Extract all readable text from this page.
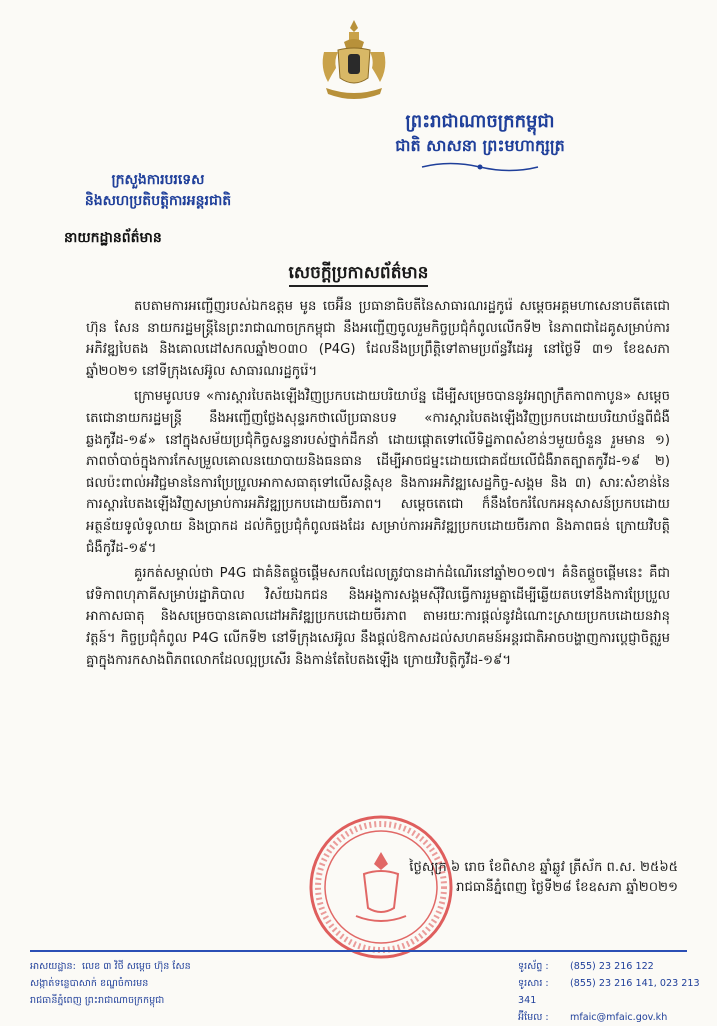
ព្រះរាជាណាចក្រកម្ពុជា
ជាតិ សាសនា ព្រះមហាក្សត្រ
ក្រសួងការបរទេស
និងសហប្រតិបត្តិការអន្តរជាតិ
នាយកដ្ឋានព័ត៌មាន
សេចក្ដីប្រកាសព័ត៌មាន

តបតាមការអញ្ជើញរបស់ឯកឧត្តម មូន ចេអ៊ីន ប្រធានាធិបតីនៃសាធារណរដ្ឋកូរ៉េ សម្តេចអគ្គមហាសេនាបតីតេជោ ហ៊ុន សែន នាយករដ្ឋមន្ត្រីនៃព្រះរាជាណាចក្រកម្ពុជា នឹងអញ្ជើញចូលរួមកិច្ចប្រជុំកំពូលលើកទី២ នៃភាពជាដៃគូសម្រាប់ការអភិវឌ្ឍបៃតង និងគោលដៅសកលឆ្នាំ២០៣០ (P4G) ដែលនឹងប្រព្រឹត្តិទៅតាមប្រព័ន្ធវីដេអូ នៅថ្ងៃទី ៣១ ខែឧសភា ឆ្នាំ២០២១ នៅទីក្រុងសេអ៊ូល សាធារណរដ្ឋកូរ៉េ។

ក្រោមមូលបទ «ការស្តារបៃតងឡើងវិញប្រកបដោយបរិយាប័ន្ន ដើម្បីសម្រេចបាននូវអព្យាក្រឹតកាពកាបូន» សម្តេចតេជោនាយករដ្ឋមន្ត្រី នឹងអញ្ជើញថ្លែងសុន្ទរកថាលើប្រធានបទ «ការស្តារបៃតងឡើងវិញប្រកបដោយបរិយាប័ន្នពីជំងឺឆ្លងកូវីដ-១៩» នៅក្នុងសម័យប្រជុំកិច្ចសន្ទនារបស់ថ្នាក់ដឹកនាំ ដោយផ្តោតទៅលើទិដ្ឋភាពសំខាន់ៗមួយចំនួន រួមមាន ១) ភាពចាំបាច់ក្នុងការកែសម្រួលគោលនយោបាយនិងធនធាន ដើម្បីអាចជម្នះដោយជោគជ័យលើជំងឺរាតត្បាតកូវីដ-១៩ ២) ផលប៉ះពាល់អវិជ្ជមាននៃការប្រែប្រួលអាកាសធាតុទៅលើសន្តិសុខ និងការអភិវឌ្ឍសេដ្ឋកិច្ច-សង្គម និង ៣) សារៈសំខាន់នៃការស្តារបៃតងឡើងវិញសម្រាប់ការអភិវឌ្ឍប្រកបដោយចីរភាព។ សម្តេចតេជោ ក៏នឹងចែករំលែកអនុសាសន៍ប្រកបដោយអត្ថន័យទូលំទូលាយ និងប្រាកដ ដល់កិច្ចប្រជុំកំពូលផងដែរ សម្រាប់ការអភិវឌ្ឍប្រកបដោយចីរភាព និងភាពធន់ ក្រោយវិបត្តិជំងឺកូវីដ-១៩។

គួរកត់សម្គាល់ថា P4G ជាគំនិតផ្តួចផ្តើមសកលដែលត្រូវបានដាក់ដំណើរនៅឆ្នាំ២០១៧។ គំនិតផ្តួចផ្តើមនេះ គឺជាវេទិកាពហុភាគីសម្រាប់រដ្ឋាភិបាល វិស័យឯកជន និងអង្គការសង្គមស៊ីវិលធ្វើការរួមគ្នាដើម្បីឆ្លើយតបទៅនឹងការប្រែប្រួលអាកាសធាតុ និងសម្រេចបានគោលដៅអភិវឌ្ឍប្រកបដោយចីរភាព តាមរយៈការផ្តល់នូវដំណោះស្រាយប្រកបដោយនវានុវត្តន៍។ កិច្ចប្រជុំកំពូល P4G លើកទី២ នៅទីក្រុងសេអ៊ូល នឹងផ្តល់ឱកាសដល់សហគមន៍អន្តរជាតិអាចបង្ហាញការប្តេជ្ញាចិត្តរួមគ្នាក្នុងការកសាងពិភពលោកដែលល្អប្រសើរ និងកាន់តែបៃតងឡើង ក្រោយវិបត្តិកូវីដ-១៩។

ថ្ងៃសុក្រ ៦ រោច ខែពិសាខ ឆ្នាំឆ្លូវ ត្រីស័ក ព.ស. ២៥៦៥
រាជធានីភ្នំពេញ ថ្ងៃទី២៨ ខែឧសភា ឆ្នាំ២០២១
អាសយដ្ឋាន: លេខ ៣ វិថី សម្តេច ហ៊ុន សែន
សង្កាត់ទន្លេបាសាក់ ខណ្ឌចំការមន
រាជធានីភ្នំពេញ ព្រះរាជាណាចក្រកម្ពុជា
ទូរស័ព្ទ : (855) 23 216 122
ទូរសារ : (855) 23 216 141, 023 213 341
អ៊ីមែល : mfaic@mfaic.gov.kh
